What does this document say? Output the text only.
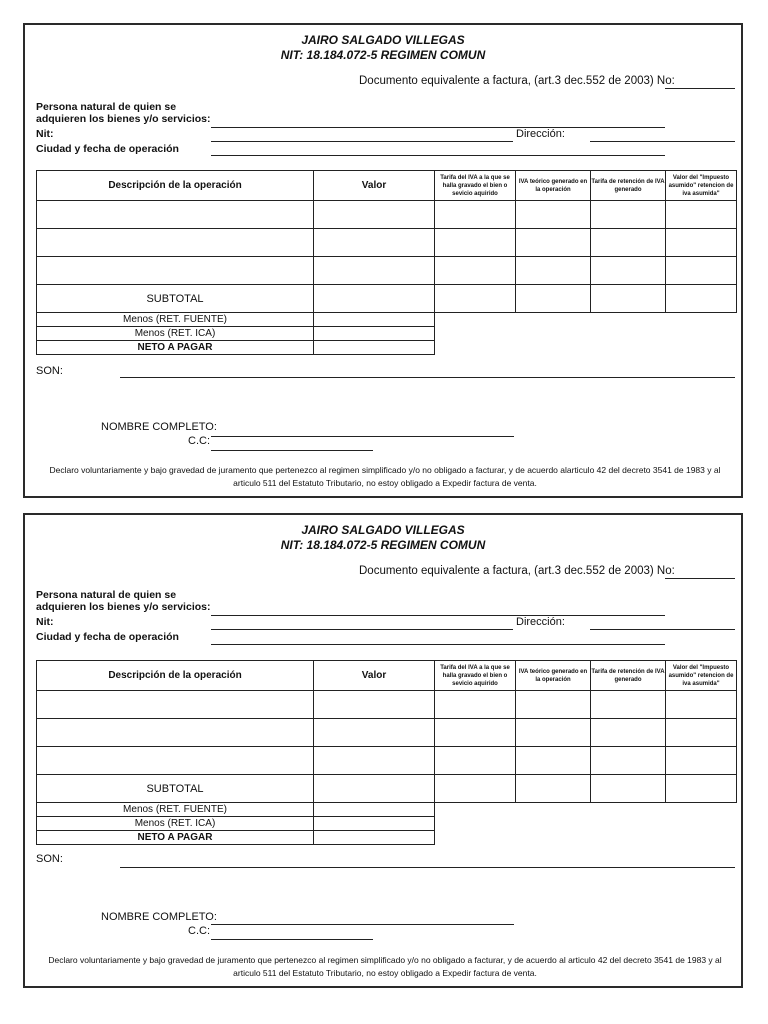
JAIRO SALGADO VILLEGAS
NIT: 18.184.072-5 REGIMEN COMUN
Documento equivalente a factura, (art.3 dec.552 de 2003) No:
Persona natural de quien se
adquieren los bienes y/o servicios:
Nit:	Dirección:
Ciudad y fecha de operación
Descripción de la operación	Valor	Tarifa del IVA a la que se halla gravado el bien o sevicio aquirido	IVA teórico generado en la operación	Tarifa de retención de IVA generado	Valor del "Impuesto asumido" retencion de iva asumida"

SUBTOTAL					
Menos (RET. FUENTE)					
Menos (RET. ICA)					
NETO A PAGAR					
SON:
NOMBRE COMPLETO:
C.C:
Declaro voluntariamente y bajo gravedad de juramento que pertenezco al regimen simplificado y/o no obligado a facturar, y de acuerdo alarticulo 42 del decreto 3541 de 1983 y al articulo 511 del Estatuto Tributario, no estoy obligado a Expedir factura de venta.
JAIRO SALGADO VILLEGAS
NIT: 18.184.072-5 REGIMEN COMUN
Documento equivalente a factura, (art.3 dec.552 de 2003) No:
Persona natural de quien se
adquieren los bienes y/o servicios:
Nit:	Dirección:
Ciudad y fecha de operación
Descripción de la operación	Valor	Tarifa del IVA a la que se halla gravado el bien o sevicio aquirido	IVA teórico generado en la operación	Tarifa de retención de IVA generado	Valor del "Impuesto asumido" retencion de iva asumida"

SUBTOTAL					
Menos (RET. FUENTE)					
Menos (RET. ICA)					
NETO A PAGAR					
SON:
NOMBRE COMPLETO:
C.C:
Declaro voluntariamente y bajo gravedad de juramento que pertenezco al regimen simplificado y/o no obligado a facturar, y de acuerdo al articulo 42 del decreto 3541 de 1983 y al articulo 511 del Estatuto Tributario, no estoy obligado a Expedir factura de venta.
